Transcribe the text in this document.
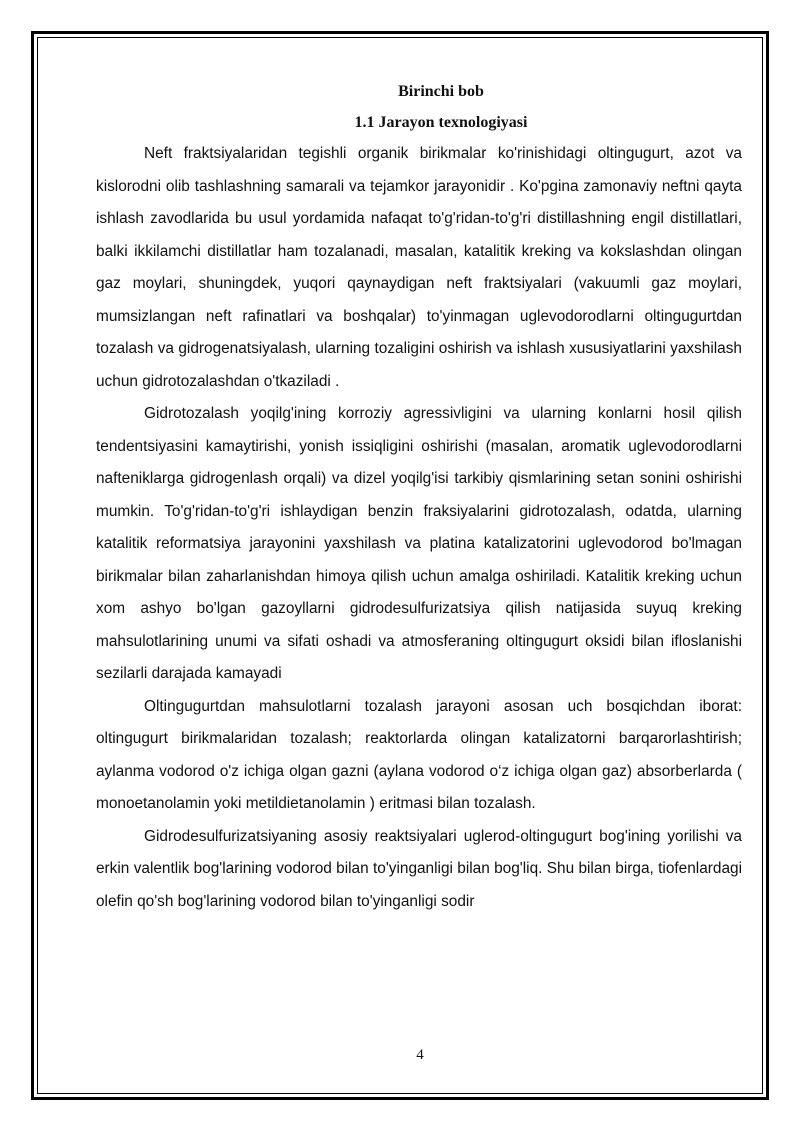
Birinchi bob

1.1 Jarayon texnologiyasi

Neft fraktsiyalaridan tegishli organik birikmalar ko'rinishidagi oltingugurt, azot va kislorodni olib tashlashning samarali va tejamkor jarayonidir . Ko'pgina zamonaviy neftni qayta ishlash zavodlarida bu usul yordamida nafaqat to'g'ridan-to'g'ri distillashning engil distillatlari, balki ikkilamchi distillatlar ham tozalanadi, masalan, katalitik kreking va kokslashdan olingan gaz moylari, shuningdek, yuqori qaynaydigan neft fraktsiyalari (vakuumli gaz moylari, mumsizlangan neft rafinatlari va boshqalar) to'yinmagan uglevodorodlarni oltingugurtdan tozalash va gidrogenatsiyalash, ularning tozaligini oshirish va ishlash xususiyatlarini yaxshilash uchun gidrotozalashdan o'tkaziladi .

Gidrotozalash yoqilg'ining korroziy agressivligini va ularning konlarni hosil qilish tendentsiyasini kamaytirishi, yonish issiqligini oshirishi (masalan, aromatik uglevodorodlarni nafteniklarga gidrogenlash orqali) va dizel yoqilg'isi tarkibiy qismlarining setan sonini oshirishi mumkin. To'g'ridan-to'g'ri ishlaydigan benzin fraksiyalarini gidrotozalash, odatda, ularning katalitik reformatsiya jarayonini yaxshilash va platina katalizatorini uglevodorod bo'lmagan birikmalar bilan zaharlanishdan himoya qilish uchun amalga oshiriladi. Katalitik kreking uchun xom ashyo bo'lgan gazoyllarni gidrodesulfurizatsiya qilish natijasida suyuq kreking mahsulotlarining unumi va sifati oshadi va atmosferaning oltingugurt oksidi bilan ifloslanishi sezilarli darajada kamayadi

Oltingugurtdan mahsulotlarni tozalash jarayoni asosan uch bosqichdan iborat: oltingugurt birikmalaridan tozalash; reaktorlarda olingan katalizatorni barqarorlashtirish; aylanma vodorod o'z ichiga olgan gazni (aylana vodorod o‘z ichiga olgan gaz) absorberlarda ( monoetanolamin yoki metildietanolamin ) eritmasi bilan tozalash.

Gidrodesulfurizatsiyaning asosiy reaktsiyalari uglerod-oltingugurt bog'ining yorilishi va erkin valentlik bog'larining vodorod bilan to'yinganligi bilan bog'liq. Shu bilan birga, tiofenlardagi olefin qo'sh bog'larining vodorod bilan to'yinganligi sodir

4
